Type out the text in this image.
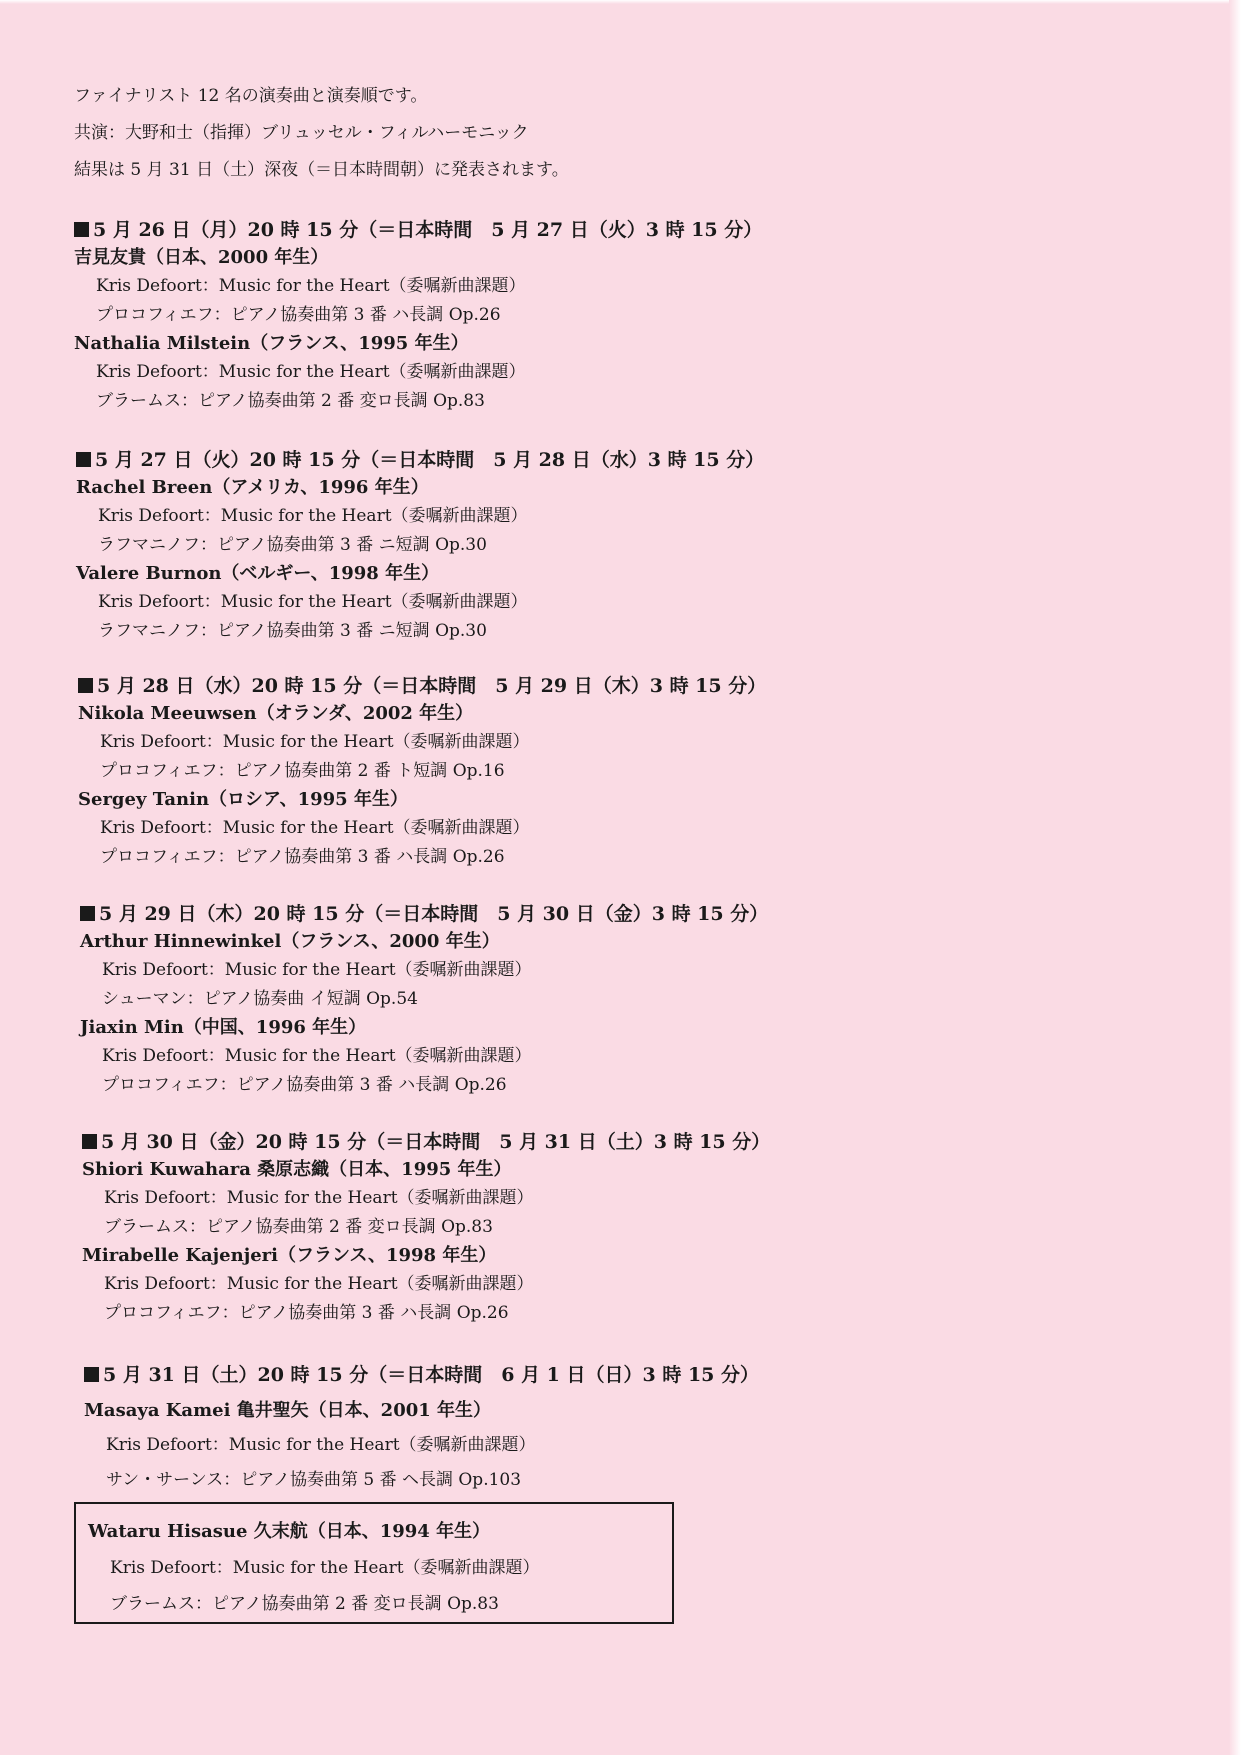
ファイナリスト 12 名の演奏曲と演奏順です。

共演：大野和士（指揮）ブリュッセル・フィルハーモニック

結果は 5 月 31 日（土）深夜（＝日本時間朝）に発表されます。

5 月 26 日（月）20 時 15 分（＝日本時間　5 月 27 日（火）3 時 15 分）
吉見友貴（日本、2000 年生）
Kris Defoort：Music for the Heart（委嘱新曲課題）
プロコフィエフ：ピアノ協奏曲第 3 番 ハ長調 Op.26
Nathalia Milstein（フランス、1995 年生）
Kris Defoort：Music for the Heart（委嘱新曲課題）
ブラームス：ピアノ協奏曲第 2 番 変ロ長調 Op.83
5 月 27 日（火）20 時 15 分（＝日本時間　5 月 28 日（水）3 時 15 分）
Rachel Breen（アメリカ、1996 年生）
Kris Defoort：Music for the Heart（委嘱新曲課題）
ラフマニノフ：ピアノ協奏曲第 3 番 ニ短調 Op.30
Valere Burnon（ベルギー、1998 年生）
Kris Defoort：Music for the Heart（委嘱新曲課題）
ラフマニノフ：ピアノ協奏曲第 3 番 ニ短調 Op.30
5 月 28 日（水）20 時 15 分（＝日本時間　5 月 29 日（木）3 時 15 分）
Nikola Meeuwsen（オランダ、2002 年生）
Kris Defoort：Music for the Heart（委嘱新曲課題）
プロコフィエフ：ピアノ協奏曲第 2 番 ト短調 Op.16
Sergey Tanin（ロシア、1995 年生）
Kris Defoort：Music for the Heart（委嘱新曲課題）
プロコフィエフ：ピアノ協奏曲第 3 番 ハ長調 Op.26
5 月 29 日（木）20 時 15 分（＝日本時間　5 月 30 日（金）3 時 15 分）
Arthur Hinnewinkel（フランス、2000 年生）
Kris Defoort：Music for the Heart（委嘱新曲課題）
シューマン：ピアノ協奏曲 イ短調 Op.54
Jiaxin Min（中国、1996 年生）
Kris Defoort：Music for the Heart（委嘱新曲課題）
プロコフィエフ：ピアノ協奏曲第 3 番 ハ長調 Op.26
5 月 30 日（金）20 時 15 分（＝日本時間　5 月 31 日（土）3 時 15 分）
Shiori Kuwahara 桑原志織（日本、1995 年生）
Kris Defoort：Music for the Heart（委嘱新曲課題）
ブラームス：ピアノ協奏曲第 2 番 変ロ長調 Op.83
Mirabelle Kajenjeri（フランス、1998 年生）
Kris Defoort：Music for the Heart（委嘱新曲課題）
プロコフィエフ：ピアノ協奏曲第 3 番 ハ長調 Op.26
5 月 31 日（土）20 時 15 分（＝日本時間　6 月 1 日（日）3 時 15 分）
Masaya Kamei 亀井聖矢（日本、2001 年生）
Kris Defoort：Music for the Heart（委嘱新曲課題）
サン・サーンス：ピアノ協奏曲第 5 番 ヘ長調 Op.103
Wataru Hisasue 久末航（日本、1994 年生）
Kris Defoort：Music for the Heart（委嘱新曲課題）
ブラームス：ピアノ協奏曲第 2 番 変ロ長調 Op.83
